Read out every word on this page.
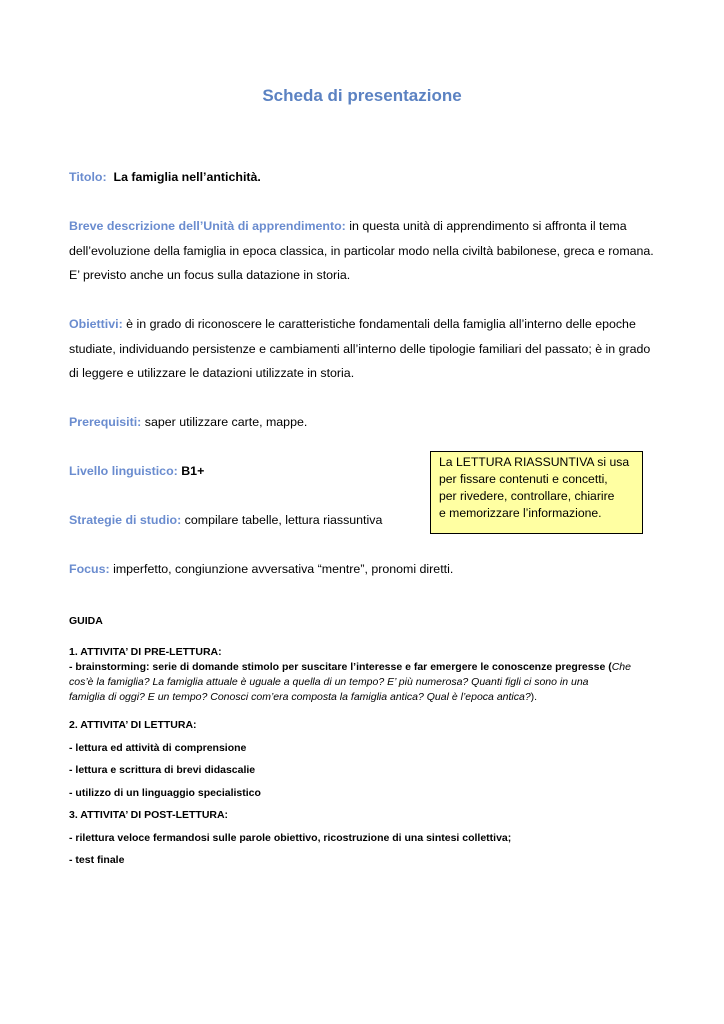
Scheda di presentazione
Titolo: La famiglia nell’antichità.
Breve descrizione dell’Unità di apprendimento: in questa unità di apprendimento si affronta il tema
dell’evoluzione della famiglia in epoca classica, in particolar modo nella civiltà babilonese, greca e romana.
E’ previsto anche un focus sulla datazione in storia.
Obiettivi: è in grado di riconoscere le caratteristiche fondamentali della famiglia all’interno delle epoche
studiate, individuando persistenze e cambiamenti all’interno delle tipologie familiari del passato; è in grado
di leggere e utilizzare le datazioni utilizzate in storia.
Prerequisiti: saper utilizzare carte, mappe.
Livello linguistico: B1+
Strategie di studio: compilare tabelle, lettura riassuntiva
Focus: imperfetto, congiunzione avversativa “mentre”, pronomi diretti.
La LETTURA RIASSUNTIVA si usa
per fissare contenuti e concetti,
per rivedere, controllare, chiarire
e memorizzare l’informazione.
GUIDA
1. ATTIVITA’ DI PRE-LETTURA:
- brainstorming: serie di domande stimolo per suscitare l’interesse e far emergere le conoscenze pregresse (Che
cos’è la famiglia? La famiglia attuale è uguale a quella di un tempo? E’ più numerosa? Quanti figli ci sono in una
famiglia di oggi? E un tempo? Conosci com’era composta la famiglia antica? Qual è l’epoca antica?).
2. ATTIVITA’ DI LETTURA:
- lettura ed attività di comprensione
- lettura e scrittura di brevi didascalie
- utilizzo di un linguaggio specialistico
3. ATTIVITA’ DI POST-LETTURA:
- rilettura veloce fermandosi sulle parole obiettivo, ricostruzione di una sintesi collettiva;
- test finale
